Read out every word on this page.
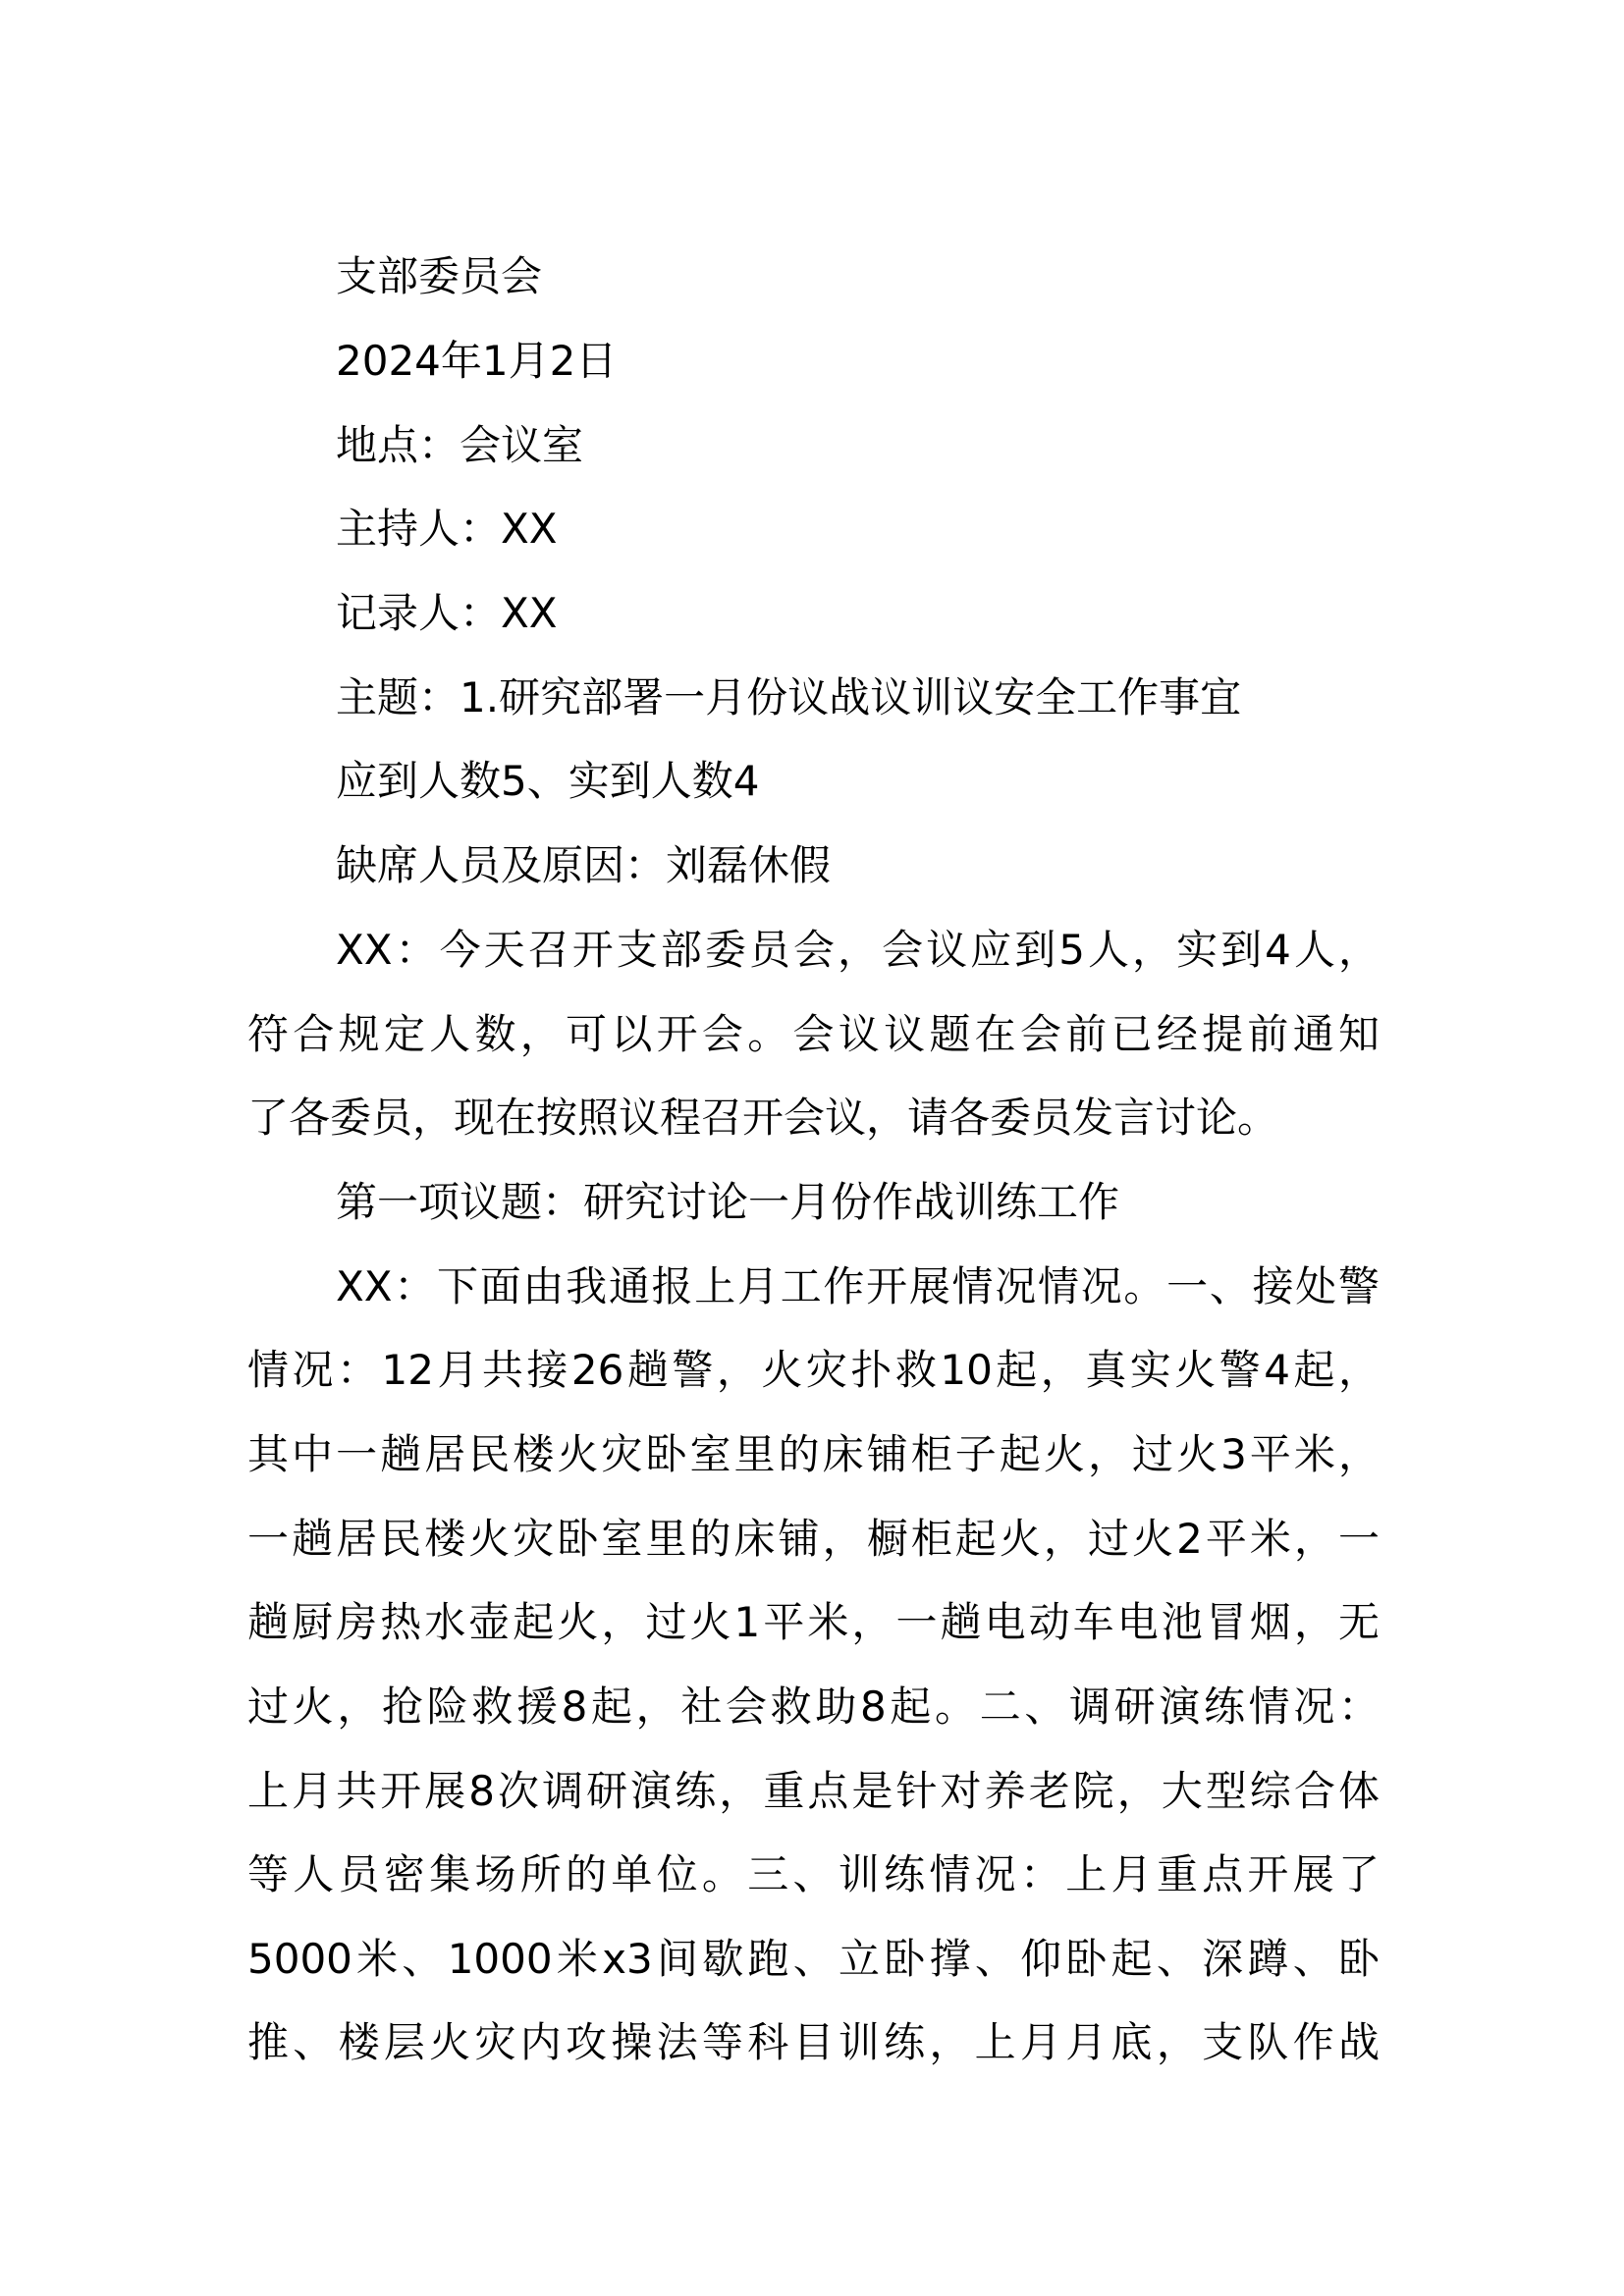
支部委员会
2024年1月2日
地点：会议室
主持人：XX
记录人：XX
主题：1.研究部署一月份议战议训议安全工作事宜
应到人数5、实到人数4
缺席人员及原因：刘磊休假
XX：今天召开支部委员会，会议应到5人，实到4人，
符合规定人数，可以开会。会议议题在会前已经提前通知
了各委员，现在按照议程召开会议，请各委员发言讨论。
第一项议题：研究讨论一月份作战训练工作
XX：下面由我通报上月工作开展情况情况。一、接处警
情况：12月共接26趟警，火灾扑救10起，真实火警4起，
其中一趟居民楼火灾卧室里的床铺柜子起火，过火3平米，
一趟居民楼火灾卧室里的床铺，橱柜起火，过火2平米，一
趟厨房热水壶起火，过火1平米，一趟电动车电池冒烟，无
过火，抢险救援8起，社会救助8起。二、调研演练情况：
上月共开展8次调研演练，重点是针对养老院，大型综合体
等人员密集场所的单位。三、训练情况：上月重点开展了
5000米、1000米x3间歇跑、立卧撑、仰卧起、深蹲、卧
推、楼层火灾内攻操法等科目训练，上月月底，支队作战
